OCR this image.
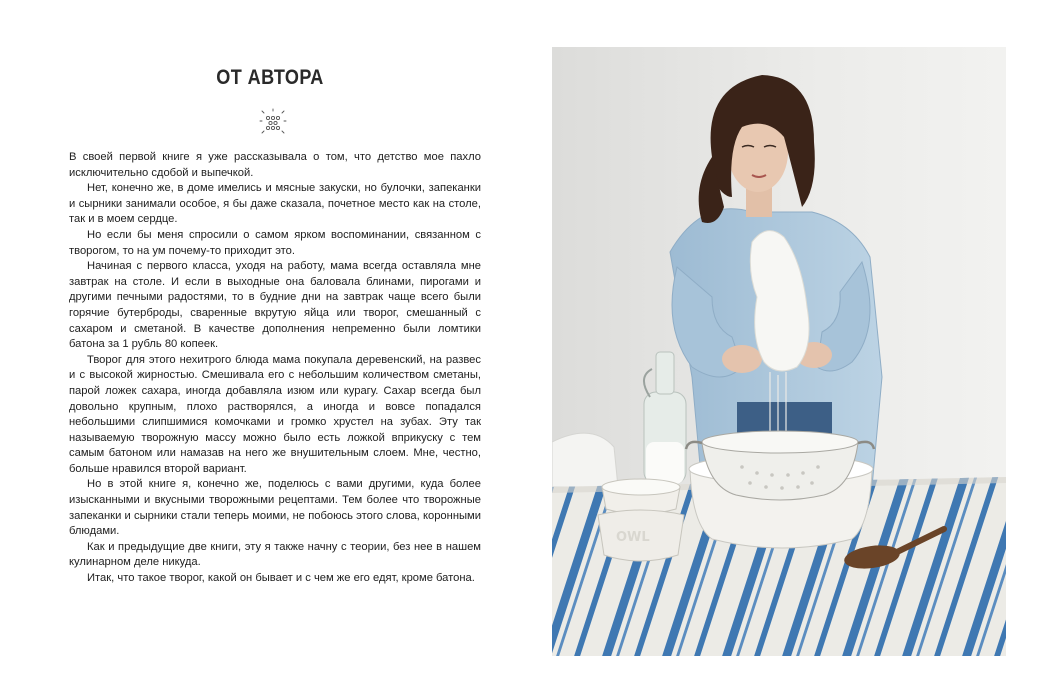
ОТ АВТОРА

В своей первой книге я уже рассказывала о том, что детство мое пахло исключительно сдобой и выпечкой.

Нет, конечно же, в доме имелись и мясные закуски, но булочки, запеканки и сырники занимали особое, я бы даже сказала, почетное место как на столе, так и в моем сердце.

Но если бы меня спросили о самом ярком воспоминании, связанном с творогом, то на ум почему-то приходит это.

Начиная с первого класса, уходя на работу, мама всегда оставляла мне завтрак на столе. И если в выходные она баловала блинами, пирогами и другими печными радостями, то в будние дни на завтрак чаще всего были горячие бутерброды, сваренные вкрутую яйца или творог, смешанный с сахаром и сметаной. В качестве дополнения непременно были ломтики батона за 1 рубль 80 копеек.

Творог для этого нехитрого блюда мама покупала деревенский, на развес и с высокой жирностью. Смешивала его с небольшим количеством сметаны, парой ложек сахара, иногда добавляла изюм или курагу. Сахар всегда был довольно крупным, плохо растворялся, а иногда и вовсе попадался небольшими слипшимися комочками и громко хрустел на зубах. Эту так называемую творожную массу можно было есть ложкой вприкуску с тем самым батоном или намазав на него же внушительным слоем. Мне, честно, больше нравился второй вариант.

Но в этой книге я, конечно же, поделюсь с вами другими, куда более изысканными и вкусными творожными рецептами. Тем более что творожные запеканки и сырники стали теперь моими, не побоюсь этого слова, коронными блюдами.

Как и предыдущие две книги, эту я также начну с теории, без нее в нашем кулинарном деле никуда.

Итак, что такое творог, какой он бывает и с чем же его едят, кроме батона.

OWL
